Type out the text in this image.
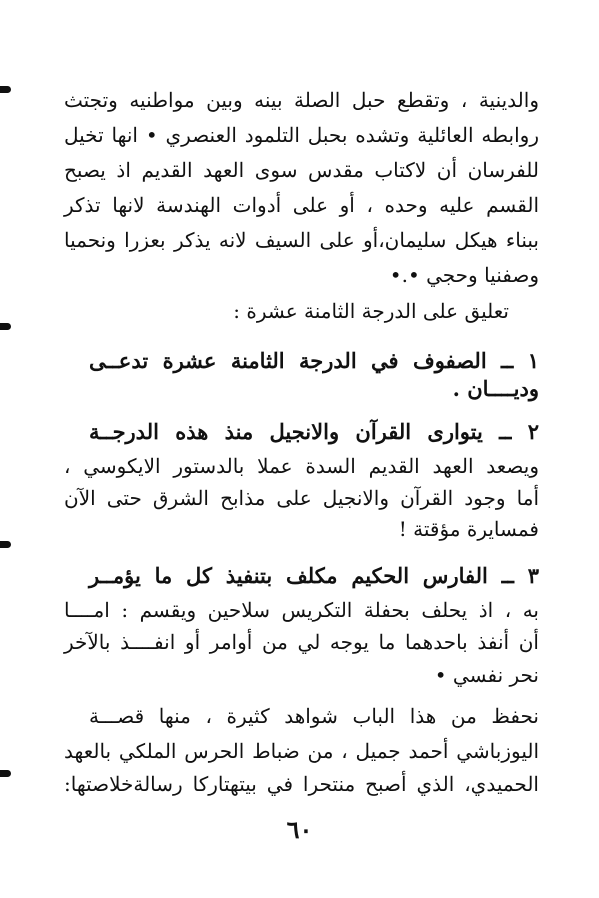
والدينية ، وتقطع حبل الصلة بينه وبين مواطنيه وتجتث
روابطه العائلية وتشده بحبل التلمود العنصري • انها تخيل
للفرسان أن لاكتاب مقدس سوى العهد القديم اذ يصبح
القسم عليه وحده ، أو على أدوات الهندسة لانها تذكر
ببناء هيكل سليمان،أو على السيف لانه يذكر بعزرا ونحميا
وصفنيا وحجي •.•
تعليق على الدرجة الثامنة عشرة :
١ ــ الصفوف في الدرجة الثامنة عشرة تدعــى
وديــــان .
٢ ــ يتوارى القرآن والانجيل منذ هذه الدرجــة
ويصعد العهد القديم السدة عملا بالدستور الايكوسي ،
أما وجود القرآن والانجيل على مذابح الشرق حتى الآن
فمسايرة مؤقتة !
٣ ــ الفارس الحكيم مكلف بتنفيذ كل ما يؤمــر
به ، اذ يحلف بحفلة التكريس سلاحين ويقسم : امــــا
أن أنفذ باحدهما ما يوجه لي من أوامر أو انفــــذ بالآخر
نحر نفسي •
نحفظ من هذا الباب شواهد كثيرة ، منها قصـــة
اليوزباشي أحمد جميل ، من ضباط الحرس الملكي بالعهد
الحميدي، الذي أصبح منتحرا في بيتهتاركا رسالةخلاصتها:
٦٠
